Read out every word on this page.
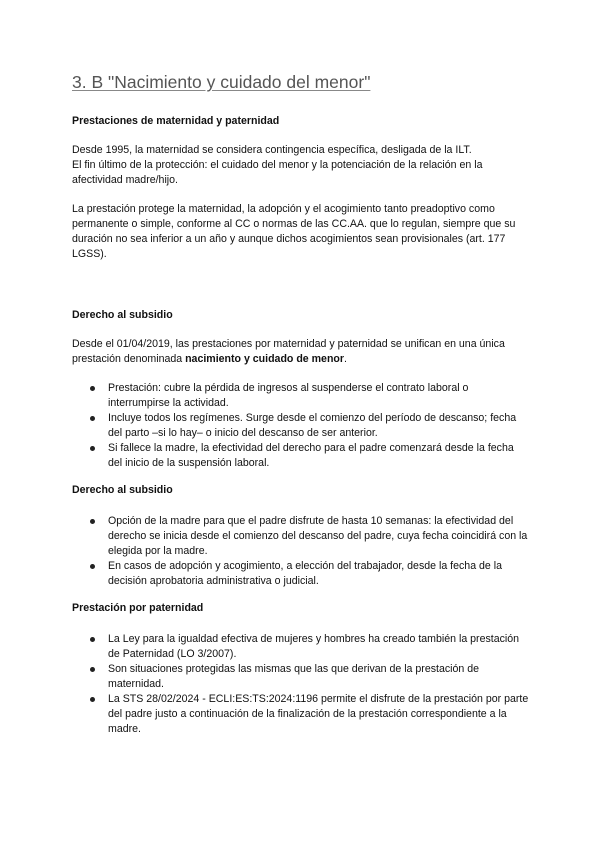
3. B "Nacimiento y cuidado del menor"

Prestaciones de maternidad y paternidad

Desde 1995, la maternidad se considera contingencia específica, desligada de la ILT.

El fin último de la protección: el cuidado del menor y la potenciación de la relación en la afectividad madre/hijo.

La prestación protege la maternidad, la adopción y el acogimiento tanto preadoptivo como permanente o simple, conforme al CC o normas de las CC.AA. que lo regulan, siempre que su duración no sea inferior a un año y aunque dichos acogimientos sean provisionales (art. 177 LGSS).

Derecho al subsidio

Desde el 01/04/2019, las prestaciones por maternidad y paternidad se unifican en una única prestación denominada nacimiento y cuidado de menor.

Prestación: cubre la pérdida de ingresos al suspenderse el contrato laboral o interrumpirse la actividad.
Incluye todos los regímenes. Surge desde el comienzo del período de descanso; fecha del parto –si lo hay– o inicio del descanso de ser anterior.
Si fallece la madre, la efectividad del derecho para el padre comenzará desde la fecha del inicio de la suspensión laboral.

Derecho al subsidio

Opción de la madre para que el padre disfrute de hasta 10 semanas: la efectividad del derecho se inicia desde el comienzo del descanso del padre, cuya fecha coincidirá con la elegida por la madre.
En casos de adopción y acogimiento, a elección del trabajador, desde la fecha de la decisión aprobatoria administrativa o judicial.

Prestación por paternidad

La Ley para la igualdad efectiva de mujeres y hombres ha creado también la prestación de Paternidad (LO 3/2007).
Son situaciones protegidas las mismas que las que derivan de la prestación de maternidad.
La STS 28/02/2024 - ECLI:ES:TS:2024:1196 permite el disfrute de la prestación por parte del padre justo a continuación de la finalización de la prestación correspondiente a la madre.
